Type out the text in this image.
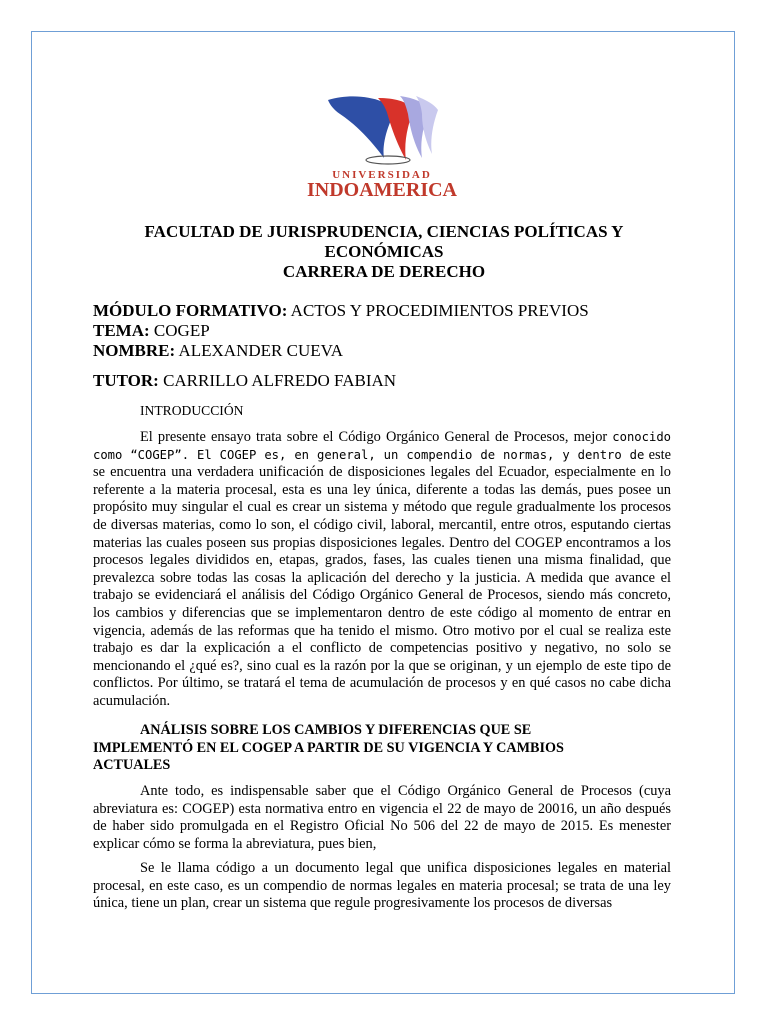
UNIVERSIDAD
INDOAMERICA
FACULTAD DE JURISPRUDENCIA, CIENCIAS POLÍTICAS Y
ECONÓMICAS
CARRERA DE DERECHO
MÓDULO FORMATIVO: ACTOS Y PROCEDIMIENTOS PREVIOS
TEMA: COGEP
NOMBRE: ALEXANDER CUEVA
TUTOR: CARRILLO ALFREDO FABIAN
INTRODUCCIÓN

El presente ensayo trata sobre el Código Orgánico General de Procesos, mejor conocido como “COGEP”. El COGEP es, en general, un compendio de normas, y dentro de este se encuentra una verdadera unificación de disposiciones legales del Ecuador, especialmente en lo referente a la materia procesal, esta es una ley única, diferente a todas las demás, pues posee un propósito muy singular el cual es crear un sistema y método que regule gradualmente los procesos de diversas materias, como lo son, el código civil, laboral, mercantil, entre otros, esputando ciertas materias las cuales poseen sus propias disposiciones legales. Dentro del COGEP encontramos a los procesos legales divididos en, etapas, grados, fases, las cuales tienen una misma finalidad, que prevalezca sobre todas las cosas la aplicación del derecho y la justicia. A medida que avance el trabajo se evidenciará el análisis del Código Orgánico General de Procesos, siendo más concreto, los cambios y diferencias que se implementaron dentro de este código al momento de entrar en vigencia, además de las reformas que ha tenido el mismo. Otro motivo por el cual se realiza este trabajo es dar la explicación a el conflicto de competencias positivo y negativo, no solo se mencionando el ¿qué es?, sino cual es la razón por la que se originan, y un ejemplo de este tipo de conflictos. Por último, se tratará el tema de acumulación de procesos y en qué casos no cabe dicha acumulación.

ANÁLISIS SOBRE LOS CAMBIOS Y DIFERENCIAS QUE SE IMPLEMENTÓ EN EL COGEP A PARTIR DE SU VIGENCIA Y CAMBIOS ACTUALES

Ante todo, es indispensable saber que el Código Orgánico General de Procesos (cuya abreviatura es: COGEP) esta normativa entro en vigencia el 22 de mayo de 20016, un año después de haber sido promulgada en el Registro Oficial No 506 del 22 de mayo de 2015. Es menester explicar cómo se forma la abreviatura, pues bien,

Se le llama código a un documento legal que unifica disposiciones legales en material procesal, en este caso, es un compendio de normas legales en materia procesal; se trata de una ley única, tiene un plan, crear un sistema que regule progresivamente los procesos de diversas
